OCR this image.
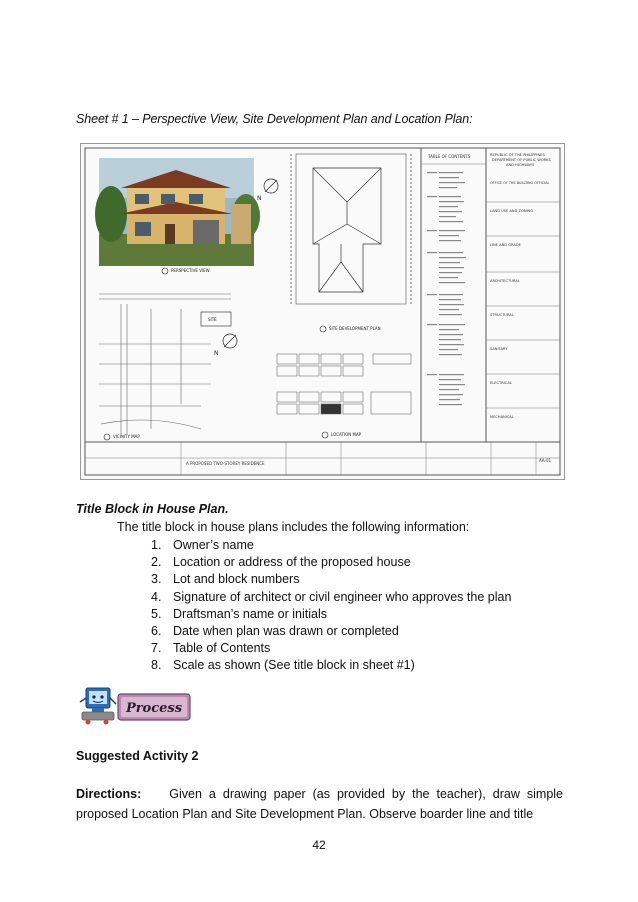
Sheet # 1 – Perspective View, Site Development Plan and Location Plan:
A PROPOSED TWO-STOREY RESIDENCE
AA-01
TABLE OF CONTENTS	REPUBLIC OF THE PHILIPPINES
DEPARTMENT OF PUBLIC WORKS
AND HIGHWAYS
OFFICE OF THE BUILDING OFFICIAL
LAND USE AND ZONING
LINE AND GRADE
ARCHITECTURAL
STRUCTURAL
SANITARY
ELECTRICAL
MECHANICAL
PERSPECTIVE VIEW
N
N
SITE DEVELOPMENT PLAN
SITE
VICINITY MAP	LOCATION MAP
Title Block in House Plan.
The title block in house plans includes the following information:
1. Owner’s name
2. Location or address of the proposed house
3. Lot and block numbers
4. Signature of architect or civil engineer who approves the plan
5. Draftsman’s name or initials
6. Date when plan was drawn or completed
7. Table of Contents
8. Scale as shown (See title block in sheet #1)
Process
Suggested Activity 2
Directions: Given a drawing paper (as provided by the teacher), draw simple proposed Location Plan and Site Development Plan. Observe boarder line and title
42
